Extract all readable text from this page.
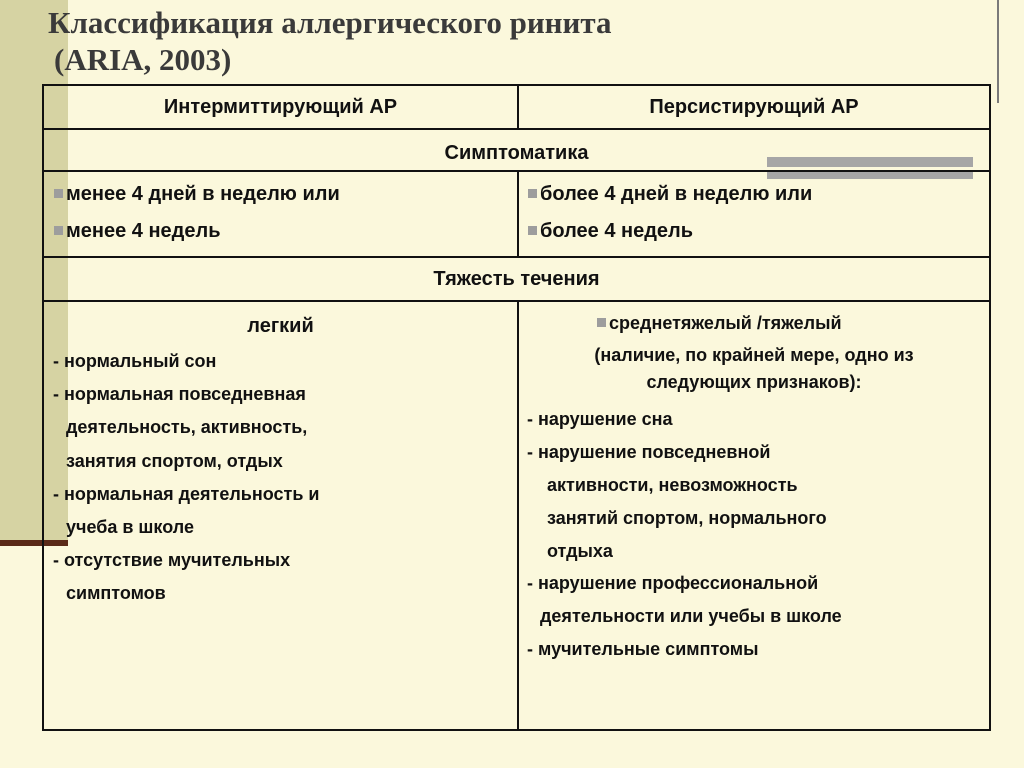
Классификация аллергического ринита
(ARIA, 2003)
Интермиттирующий АР	Персистирующий АР
Симптоматика
менее 4 дней в неделю или
менее 4 недель
более 4 дней в неделю или
более 4 недель
Тяжесть течения
легкий
- нормальный сон
- нормальная повседневная
деятельность, активность,
занятия спортом, отдых
- нормальная деятельность и
учеба в школе
- отсутствие мучительных
симптомов
среднетяжелый /тяжелый
(наличие, по крайней мере, одно из
следующих признаков):
- нарушение сна
- нарушение повседневной
активности, невозможность
занятий спортом, нормального
отдыха
- нарушение профессиональной
деятельности или учебы в школе
- мучительные симптомы
